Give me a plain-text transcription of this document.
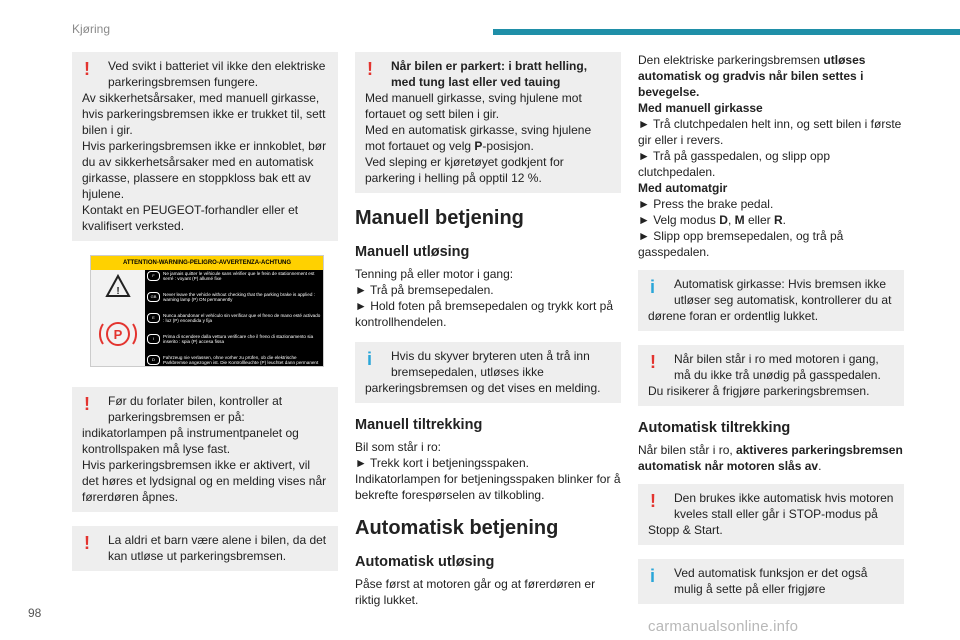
Kjøring
!	Ved svikt i batteriet vil ikke den elektriske parkeringsbremsen fungere.
Av sikkerhetsårsaker, med manuell girkasse, hvis parkeringsbremsen ikke er trukket til, sett bilen i gir.
Hvis parkeringsbremsen ikke er innkoblet, bør du av sikkerhetsårsaker med en automatisk girkasse, plassere en stoppkloss bak ett av hjulene.
Kontakt en PEUGEOT-forhandler eller et kvalifisert verksted.
ATTENTION-WARNING-PELIGRO-AVVERTENZA-ACHTUNG
!
P
F	Ne jamais quitter le véhicule sans vérifier que le frein de stationnement est serré : voyant (P) allumé fixe
GB	Never leave the vehicle without checking that the parking brake is applied : warning lamp (P) ON permanently
E	Nunca abandonar el vehículo sin verificar que el freno de mano esté activado : luz (P) encendida y fija
I	Prima di scendere dalla vettura verificare che il freno di stazionamento sia inserito : spia (P) accesa fissa
D	Fahrzeug nie verlassen, ohne vorher zu prüfen, ob die elektrische Parkbremse angezogen ist. Die Kontrollleuchte (P) leuchtet dann permanent
!	Før du forlater bilen, kontroller at parkeringsbremsen er på:
indikatorlampen på instrumentpanelet og kontrollspaken må lyse fast.
Hvis parkeringsbremsen ikke er aktivert, vil det høres et lydsignal og en melding vises når førerdøren åpnes.
!	La aldri et barn være alene i bilen, da det kan utløse ut parkeringsbremsen.
!	Når bilen er parkert: i bratt helling, med tung last eller ved tauing
Med manuell girkasse, sving hjulene mot fortauet og sett bilen i gir.
Med en automatisk girkasse, sving hjulene mot fortauet og velg P-posisjon.
Ved sleping er kjøretøyet godkjent for parkering i helling på opptil 12 %.
Manuell betjening
Manuell utløsing
Tenning på eller motor i gang:
► Trå på bremsepedalen.
► Hold foten på bremsepedalen og trykk kort på kontrollhendelen.
i	Hvis du skyver bryteren uten å trå inn bremsepedalen, utløses ikke
parkeringsbremsen og det vises en melding.
Manuell tiltrekking
Bil som står i ro:
► Trekk kort i betjeningsspaken.
Indikatorlampen for betjeningsspaken blinker for å bekrefte forespørselen av tilkobling.
Automatisk betjening
Automatisk utløsing
Påse først at motoren går og at førerdøren er riktig lukket.
Den elektriske parkeringsbremsen utløses automatisk og gradvis når bilen settes i bevegelse.
Med manuell girkasse
► Trå clutchpedalen helt inn, og sett bilen i første gir eller i revers.
► Trå på gasspedalen, og slipp opp clutchpedalen.
Med automatgir
► Press the brake pedal.
► Velg modus D, M eller R.
► Slipp opp bremsepedalen, og trå på gasspedalen.
i	Automatisk girkasse: Hvis bremsen ikke utløser seg automatisk, kontrollerer du at
dørene foran er ordentlig lukket.
!	Når bilen står i ro med motoren i gang, må du ikke trå unødig på gasspedalen.
Du risikerer å frigjøre parkeringsbremsen.
Automatisk tiltrekking
Når bilen står i ro, aktiveres parkeringsbremsen automatisk når motoren slås av.
!	Den brukes ikke automatisk hvis motoren kveles stall eller går i STOP-modus på
Stopp & Start.
i	Ved automatisk funksjon er det også mulig å sette på eller frigjøre
98
carmanualsonline.info
